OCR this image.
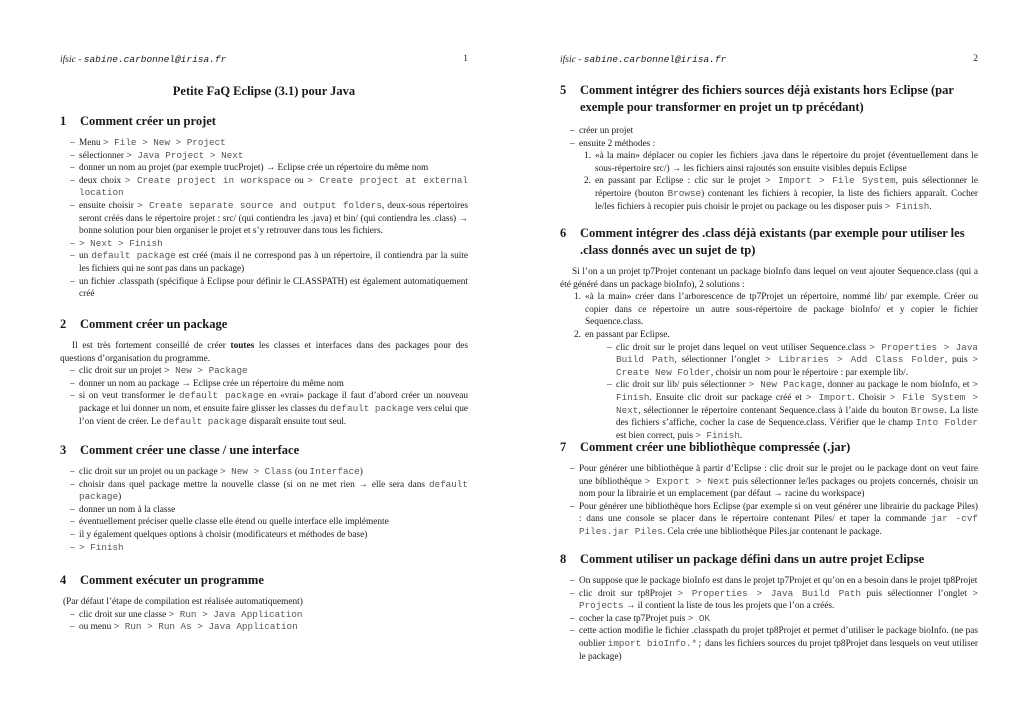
ifsic - sabine.carbonnel@irisa.fr	1
Petite FaQ Eclipse (3.1) pour Java
1	Comment créer un projet
– Menu > File > New > Project
– sélectionner > Java Project > Next
– donner un nom au projet (par exemple trucProjet) → Eclipse crée un répertoire du même nom
– deux choix > Create project in workspace ou > Create project at external location
– ensuite choisir > Create separate source and output folders, deux-sous répertoires seront créés dans le répertoire projet : src/ (qui contiendra les .java) et bin/ (qui contiendra les .class) → bonne solution pour bien organiser le projet et s’y retrouver dans tous les fichiers.
– > Next > Finish
– un default package est créé (mais il ne correspond pas à un répertoire, il contiendra par la suite les fichiers qui ne sont pas dans un package)
– un fichier .classpath (spécifique à Eclipse pour définir le CLASSPATH) est également automatiquement créé
2	Comment créer un package

Il est très fortement conseillé de créer toutes les classes et interfaces dans des packages pour des questions d’organisation du programme.

– clic droit sur un projet > New > Package
– donner un nom au package → Eclipse crée un répertoire du même nom
– si on veut transformer le default package en «vrai» package il faut d’abord créer un nouveau package et lui donner un nom, et ensuite faire glisser les classes du default package vers celui que l’on vient de créer. Le default package disparaît ensuite tout seul.
3	Comment créer une classe / une interface
– clic droit sur un projet ou un package > New > Class (ou Interface)
– choisir dans quel package mettre la nouvelle classe (si on ne met rien → elle sera dans default package)
– donner un nom à la classe
– éventuellement préciser quelle classe elle étend ou quelle interface elle implémente
– il y également quelques options à choisir (modificateurs et méthodes de base)
– > Finish
4	Comment exécuter un programme

(Par défaut l’étape de compilation est réalisée automatiquement)

– clic droit sur une classe > Run > Java Application
– ou menu > Run > Run As > Java Application
ifsic - sabine.carbonnel@irisa.fr	2
5	Comment intégrer des fichiers sources déjà existants hors Eclipse (par exemple pour transformer en projet un tp précédant)
– créer un projet
– ensuite 2 méthodes :
1. «à la main» déplacer ou copier les fichiers .java dans le répertoire du projet (éventuellement dans le sous-répertoire src/) → les fichiers ainsi rajoutés son ensuite visibles depuis Eclipse
2. en passant par Eclipse : clic sur le projet > Import > File System, puis sélectionner le répertoire (bouton Browse) contenant les fichiers à recopier, la liste des fichiers apparaît. Cocher le/les fichiers à recopier puis choisir le projet ou package ou les disposer puis > Finish.
6	Comment intégrer des .class déjà existants (par exemple pour utiliser les .class donnés avec un sujet de tp)

Si l’on a un projet tp7Projet contenant un package bioInfo dans lequel on veut ajouter Sequence.class (qui a été généré dans un package bioInfo), 2 solutions :

1. «à la main» créer dans l’arborescence de tp7Projet un répertoire, nommé lib/ par exemple. Créer ou copier dans ce répertoire un autre sous-répertoire de package bioInfo/ et y copier le fichier Sequence.class.
2. en passant par Eclipse.
– clic droit sur le projet dans lequel on veut utiliser Sequence.class > Properties > Java Build Path, sélectionner l’onglet > Libraries > Add Class Folder, puis > Create New Folder, choisir un nom pour le répertoire : par exemple lib/.
– clic droit sur lib/ puis sélectionner > New Package, donner au package le nom bioInfo, et > Finish. Ensuite clic droit sur package créé et > Import. Choisir > File System > Next, sélectionner le répertoire contenant Sequence.class à l’aide du bouton Browse. La liste des fichiers s’affiche, cocher la case de Sequence.class. Vérifier que le champ Into Folder est bien correct, puis > Finish.
7	Comment créer une bibliothèque compressée (.jar)
– Pour générer une bibliothèque à partir d’Eclipse : clic droit sur le projet ou le package dont on veut faire une bibliothèque > Export > Next puis sélectionner le/les packages ou projets concernés, choisir un nom pour la librairie et un emplacement (par défaut → racine du workspace)
– Pour générer une bibliothèque hors Eclipse (par exemple si on veut générer une librairie du package Piles) : dans une console se placer dans le répertoire contenant Piles/ et taper la commande jar -cvf Piles.jar Piles. Cela crée une bibliothèque Piles.jar contenant le package.
8	Comment utiliser un package défini dans un autre projet Eclipse
– On suppose que le package bioInfo est dans le projet tp7Projet et qu’on en a besoin dans le projet tp8Projet
– clic droit sur tp8Projet > Properties > Java Build Path puis sélectionner l’onglet > Projects → il contient la liste de tous les projets que l’on a créés.
– cocher la case tp7Projet puis > OK
– cette action modifie le fichier .classpath du projet tp8Projet et permet d’utiliser le package bioInfo. (ne pas oublier import bioInfo.*; dans les fichiers sources du projet tp8Projet dans lesquels on veut utiliser le package)
